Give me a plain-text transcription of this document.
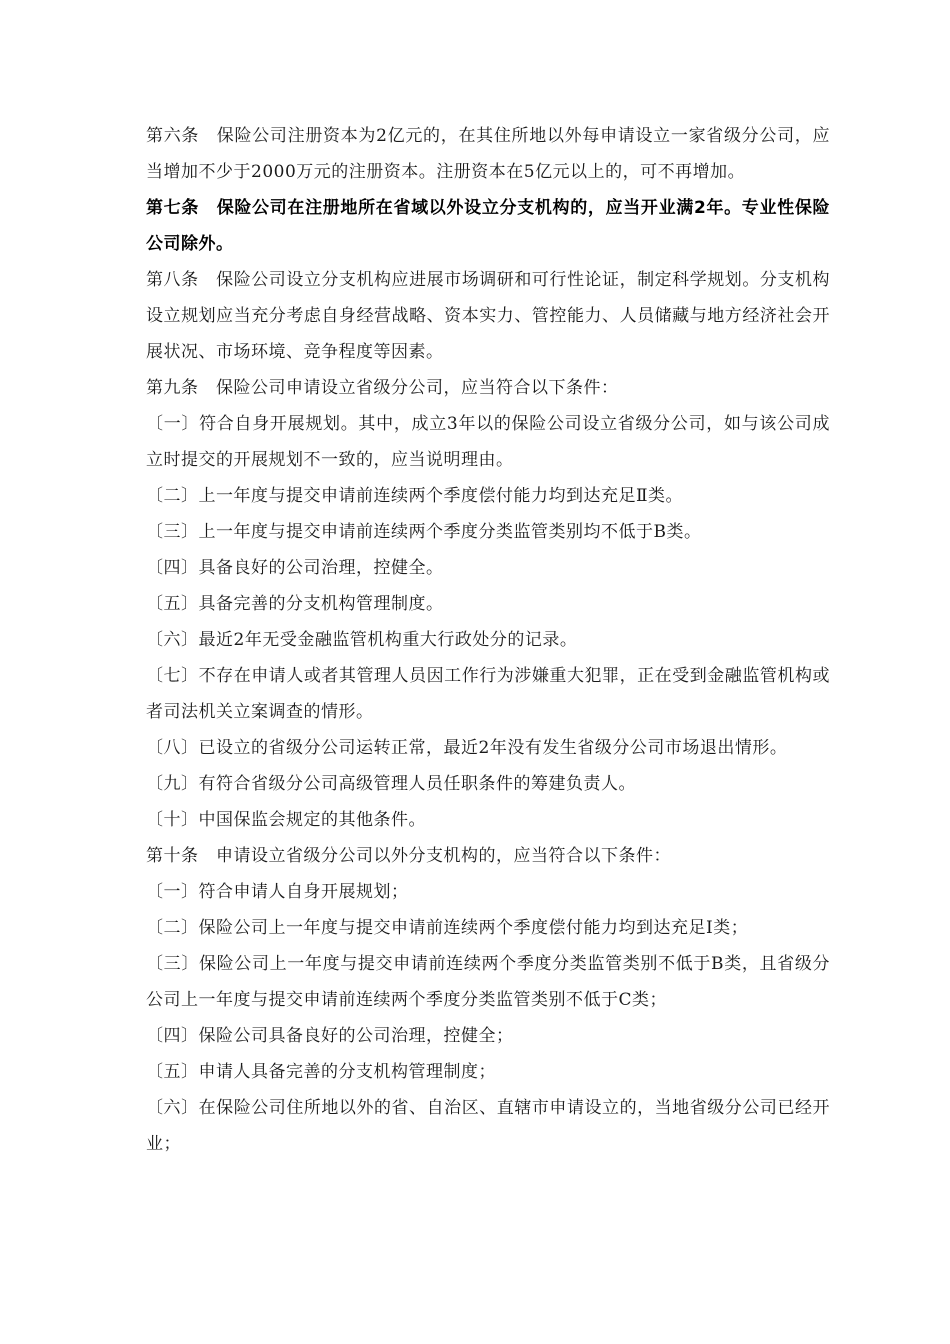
第六条　保险公司注册资本为2亿元的，在其住所地以外每申请设立一家省级分公司，应当增加不少于2000万元的注册资本。注册资本在5亿元以上的，可不再增加。

第七条　保险公司在注册地所在省域以外设立分支机构的，应当开业满2年。专业性保险公司除外。

第八条　保险公司设立分支机构应进展市场调研和可行性论证，制定科学规划。分支机构设立规划应当充分考虑自身经营战略、资本实力、管控能力、人员储藏与地方经济社会开展状况、市场环境、竞争程度等因素。

第九条　保险公司申请设立省级分公司，应当符合以下条件：

〔一〕符合自身开展规划。其中，成立3年以的保险公司设立省级分公司，如与该公司成立时提交的开展规划不一致的，应当说明理由。

〔二〕上一年度与提交申请前连续两个季度偿付能力均到达充足Ⅱ类。

〔三〕上一年度与提交申请前连续两个季度分类监管类别均不低于B类。

〔四〕具备良好的公司治理，控健全。

〔五〕具备完善的分支机构管理制度。

〔六〕最近2年无受金融监管机构重大行政处分的记录。

〔七〕不存在申请人或者其管理人员因工作行为涉嫌重大犯罪，正在受到金融监管机构或者司法机关立案调查的情形。

〔八〕已设立的省级分公司运转正常，最近2年没有发生省级分公司市场退出情形。

〔九〕有符合省级分公司高级管理人员任职条件的筹建负责人。

〔十〕中国保监会规定的其他条件。

第十条　申请设立省级分公司以外分支机构的，应当符合以下条件：

〔一〕符合申请人自身开展规划；

〔二〕保险公司上一年度与提交申请前连续两个季度偿付能力均到达充足Ⅰ类；

〔三〕保险公司上一年度与提交申请前连续两个季度分类监管类别不低于B类，且省级分公司上一年度与提交申请前连续两个季度分类监管类别不低于C类；

〔四〕保险公司具备良好的公司治理，控健全；

〔五〕申请人具备完善的分支机构管理制度；

〔六〕在保险公司住所地以外的省、自治区、直辖市申请设立的，当地省级分公司已经开业；
